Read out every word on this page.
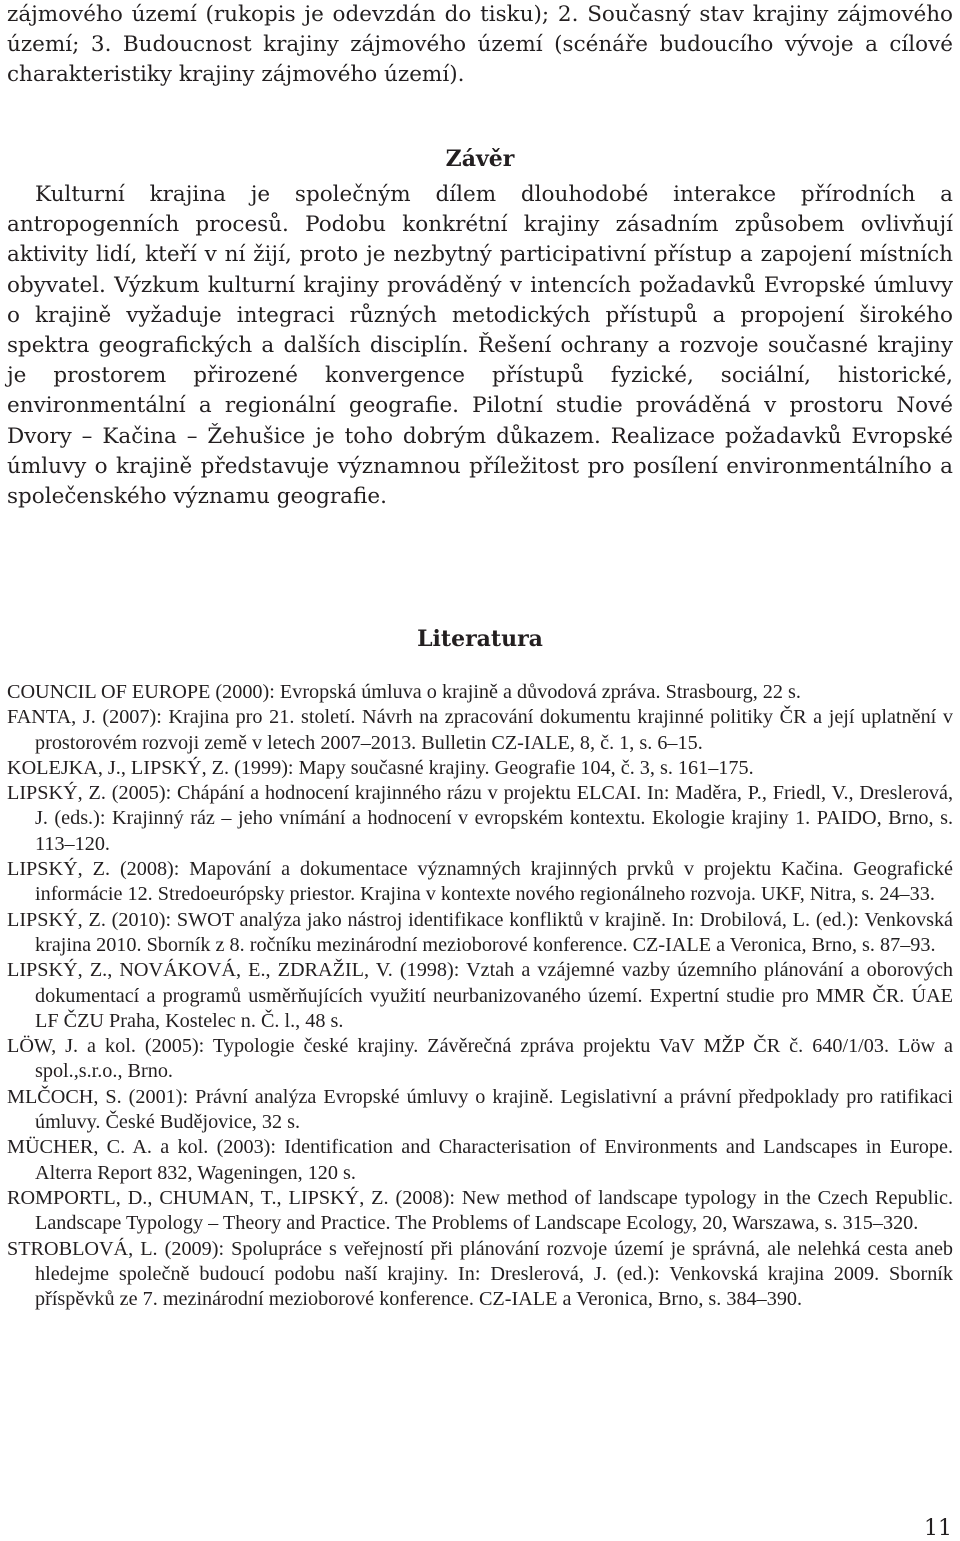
zájmového území (rukopis je odevzdán do tisku); 2. Současný stav krajiny zájmového území; 3. Budoucnost krajiny zájmového území (scénáře budoucího vývoje a cílové charakteristiky krajiny zájmového území).

Závěr

Kulturní krajina je společným dílem dlouhodobé interakce přírodních a antropogenních procesů. Podobu konkrétní krajiny zásadním způsobem ovlivňují aktivity lidí, kteří v ní žijí, proto je nezbytný participativní přístup a zapojení místních obyvatel. Výzkum kulturní krajiny prováděný v intencích požadavků Evropské úmluvy o krajině vyžaduje integraci různých metodických přístupů a propojení širokého spektra geografických a dalších disciplín. Řešení ochrany a rozvoje současné krajiny je prostorem přirozené konvergence přístupů fyzické, sociální, historické, environmentální a regionální geografie. Pilotní studie prováděná v prostoru Nové Dvory – Kačina – Žehušice je toho dobrým důkazem. Realizace požadavků Evropské úmluvy o krajině představuje významnou příležitost pro posílení environmentálního a společenského významu geografie.

Literatura

COUNCIL OF EUROPE (2000): Evropská úmluva o krajině a důvodová zpráva. Strasbourg, 22 s.

FANTA, J. (2007): Krajina pro 21. století. Návrh na zpracování dokumentu krajinné politiky ČR a její uplatnění v prostorovém rozvoji země v letech 2007–2013. Bulletin CZ-IALE, 8, č. 1, s. 6–15.

KOLEJKA, J., LIPSKÝ, Z. (1999): Mapy současné krajiny. Geografie 104, č. 3, s. 161–175.

LIPSKÝ, Z. (2005): Chápání a hodnocení krajinného rázu v projektu ELCAI. In: Maděra, P., Friedl, V., Dreslerová, J. (eds.): Krajinný ráz – jeho vnímání a hodnocení v evropském kontextu. Ekologie krajiny 1. PAIDO, Brno, s. 113–120.

LIPSKÝ, Z. (2008): Mapování a dokumentace významných krajinných prvků v projektu Kačina. Geografické informácie 12. Stredoeurópsky priestor. Krajina v kontexte nového regionálneho rozvoja. UKF, Nitra, s. 24–33.

LIPSKÝ, Z. (2010): SWOT analýza jako nástroj identifikace konfliktů v krajině. In: Drobilová, L. (ed.): Venkovská krajina 2010. Sborník z 8. ročníku mezinárodní mezioborové konference. CZ-IALE a Veronica, Brno, s. 87–93.

LIPSKÝ, Z., NOVÁKOVÁ, E., ZDRAŽIL, V. (1998): Vztah a vzájemné vazby územního plánování a oborových dokumentací a programů usměrňujících využití neurbanizovaného území. Expertní studie pro MMR ČR. ÚAE LF ČZU Praha, Kostelec n. Č. l., 48 s.

LÖW, J. a kol. (2005): Typologie české krajiny. Závěrečná zpráva projektu VaV MŽP ČR č. 640/1/03. Löw a spol.,s.r.o., Brno.

MLČOCH, S. (2001): Právní analýza Evropské úmluvy o krajině. Legislativní a právní předpoklady pro ratifikaci úmluvy. České Budějovice, 32 s.

MÜCHER, C. A. a kol. (2003): Identification and Characterisation of Environments and Landscapes in Europe. Alterra Report 832, Wageningen, 120 s.

ROMPORTL, D., CHUMAN, T., LIPSKÝ, Z. (2008): New method of landscape typology in the Czech Republic. Landscape Typology – Theory and Practice. The Problems of Landscape Ecology, 20, Warszawa, s. 315–320.

STROBLOVÁ, L. (2009): Spolupráce s veřejností při plánování rozvoje území je správná, ale nelehká cesta aneb hledejme společně budoucí podobu naší krajiny. In: Dreslerová, J. (ed.): Venkovská krajina 2009. Sborník příspěvků ze 7. mezinárodní mezioborové konference. CZ-IALE a Veronica, Brno, s. 384–390.

11
